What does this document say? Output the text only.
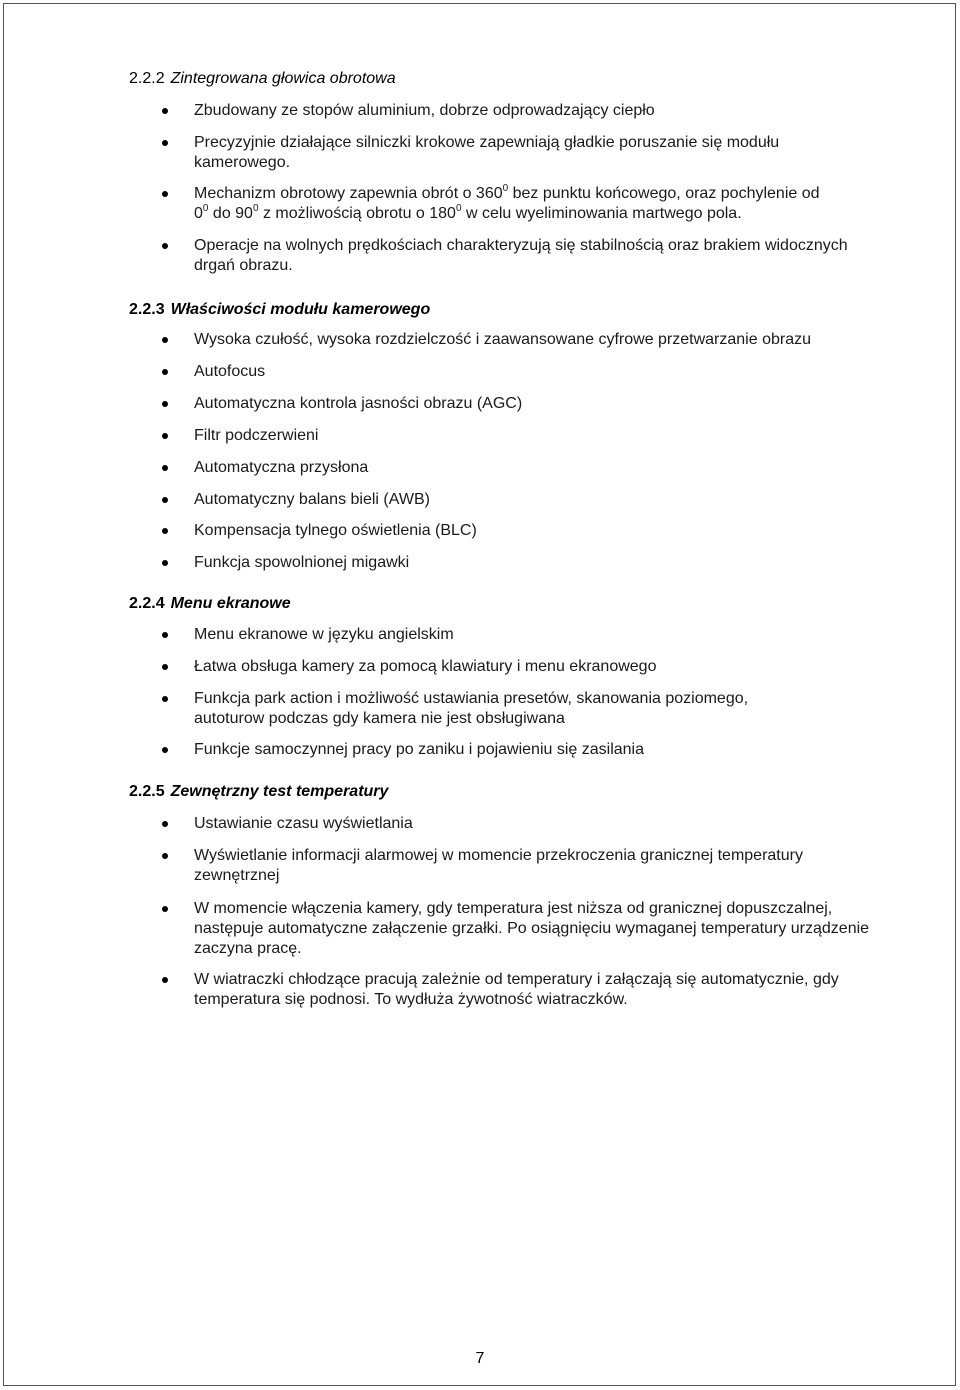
2.2.2 Zintegrowana głowica obrotowa
Zbudowany ze stopów aluminium, dobrze odprowadzający ciepło
Precyzyjnie działające silniczki krokowe zapewniają gładkie poruszanie się modułu kamerowego.
Mechanizm obrotowy zapewnia obrót o $360^0$ bez punktu końcowego, oraz pochylenie od
$0^0$ do $90^0$ z możliwością obrotu o $180^0$ w celu wyeliminowania martwego pola.
Operacje na wolnych prędkościach charakteryzują się stabilnością oraz brakiem widocznych drgań obrazu.
2.2.3 Właściwości modułu kamerowego
Wysoka czułość, wysoka rozdzielczość i zaawansowane cyfrowe przetwarzanie obrazu
Autofocus
Automatyczna kontrola jasności obrazu (AGC)
Filtr podczerwieni
Automatyczna przysłona
Automatyczny balans bieli (AWB)
Kompensacja tylnego oświetlenia (BLC)
Funkcja spowolnionej migawki
2.2.4 Menu ekranowe
Menu ekranowe w języku angielskim
Łatwa obsługa kamery za pomocą klawiatury i menu ekranowego
Funkcja park action i możliwość ustawiania presetów, skanowania poziomego, autoturow podczas gdy kamera nie jest obsługiwana
Funkcje samoczynnej pracy po zaniku i pojawieniu się zasilania
2.2.5 Zewnętrzny test temperatury
Ustawianie czasu wyświetlania
Wyświetlanie informacji alarmowej w momencie przekroczenia granicznej temperatury zewnętrznej
W momencie włączenia kamery, gdy temperatura jest niższa od granicznej dopuszczalnej, następuje automatyczne załączenie grzałki. Po osiągnięciu wymaganej temperatury urządzenie zaczyna pracę.
W wiatraczki chłodzące pracują zależnie od temperatury i załączają się automatycznie, gdy temperatura się podnosi. To wydłuża żywotność wiatraczków.
7
